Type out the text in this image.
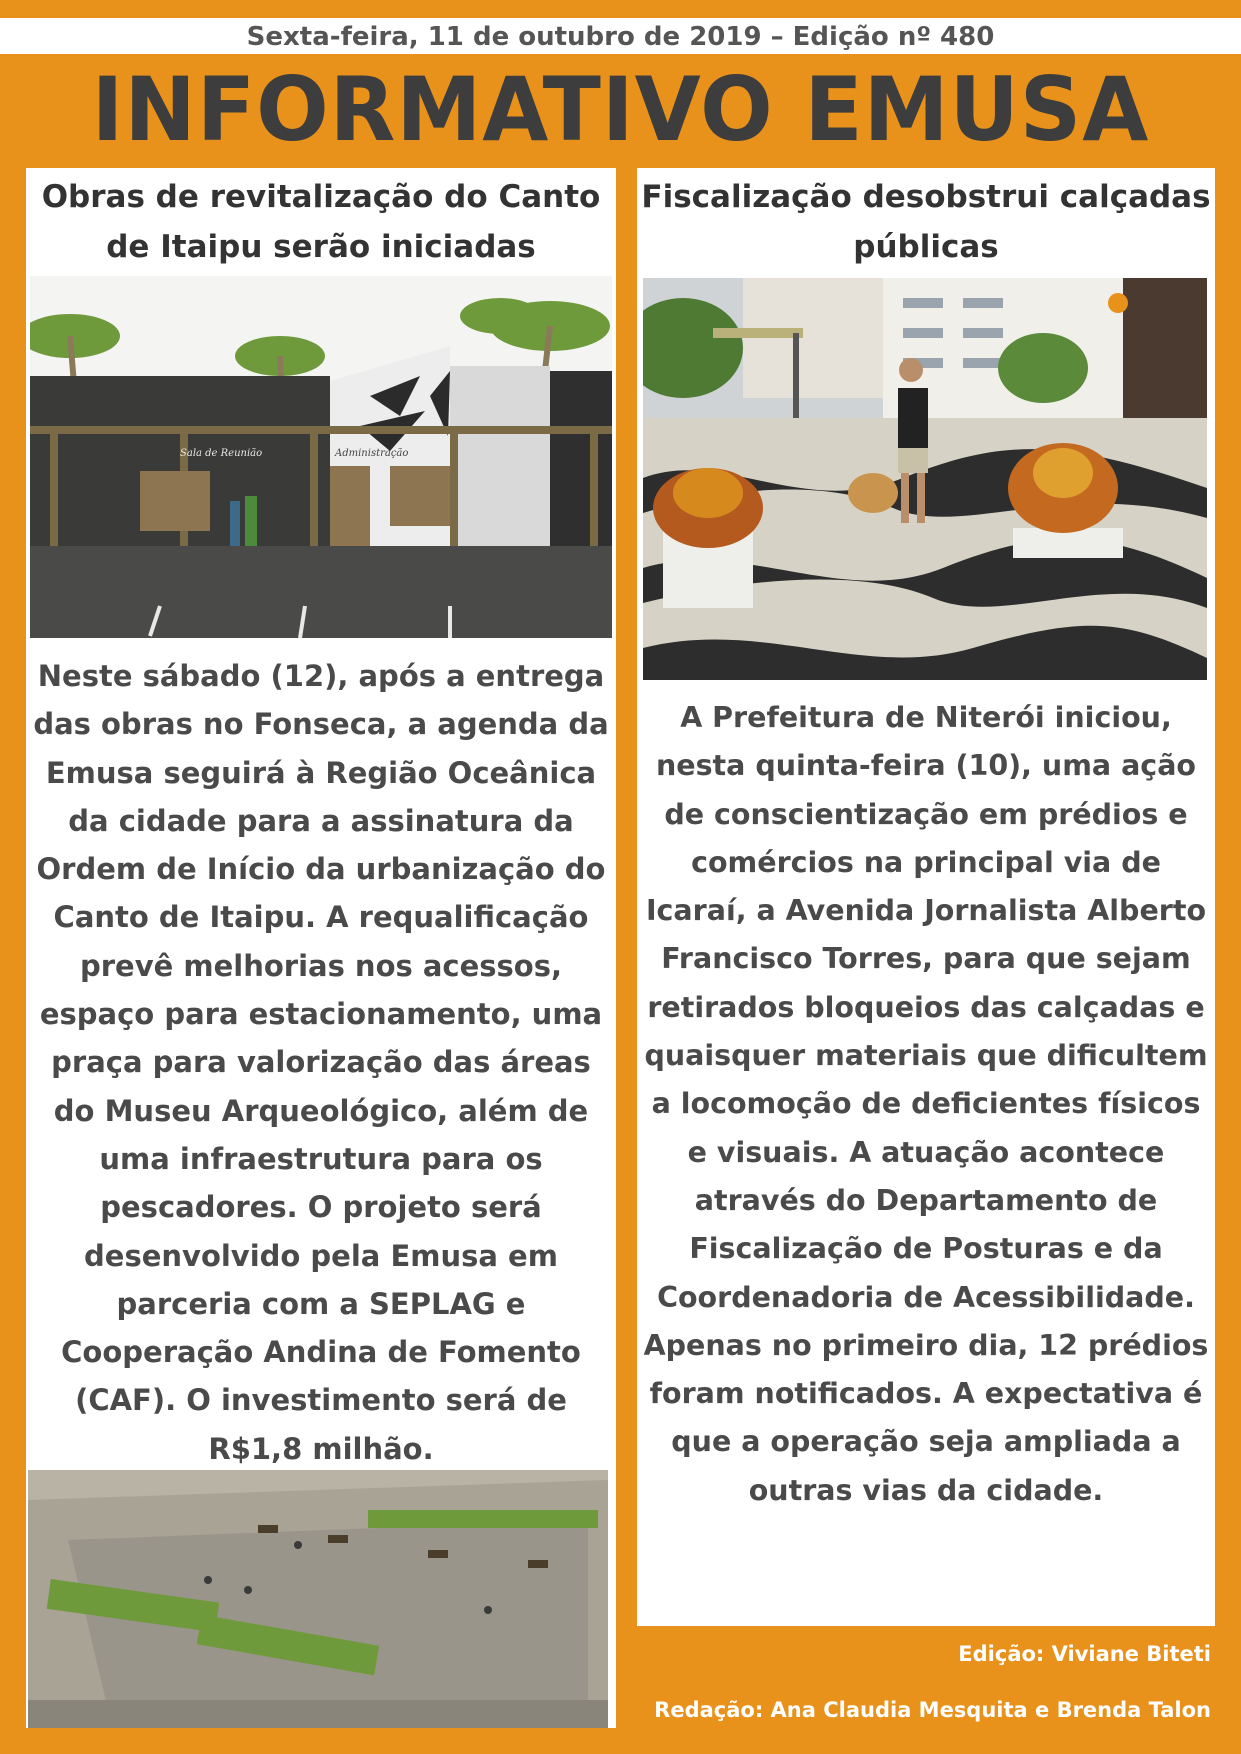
Sexta-feira, 11 de outubro de 2019 – Edição nº 480
INFORMATIVO EMUSA
Obras de revitalização do Canto de Itaipu serão iniciadas
Sala de Reunião	Administração
Neste sábado (12), após a entrega das obras no Fonseca, a agenda da Emusa seguirá à Região Oceânica da cidade para a assinatura da Ordem de Início da urbanização do Canto de Itaipu. A requalificação prevê melhorias nos acessos, espaço para estacionamento, uma praça para valorização das áreas do Museu Arqueológico, além de uma infraestrutura para os pescadores. O projeto será desenvolvido pela Emusa em parceria com a SEPLAG e Cooperação Andina de Fomento (CAF). O investimento será de R$1,8 milhão.
Fiscalização desobstrui calçadas públicas
A Prefeitura de Niterói iniciou, nesta quinta-feira (10), uma ação de conscientização em prédios e comércios na principal via de Icaraí, a Avenida Jornalista Alberto Francisco Torres, para que sejam retirados bloqueios das calçadas e quaisquer materiais que dificultem a locomoção de deficientes físicos e visuais. A atuação acontece através do Departamento de Fiscalização de Posturas e da Coordenadoria de Acessibilidade. Apenas no primeiro dia, 12 prédios foram notificados. A expectativa é que a operação seja ampliada a outras vias da cidade.
Edição: Viviane Biteti
Redação: Ana Claudia Mesquita e Brenda Talon
